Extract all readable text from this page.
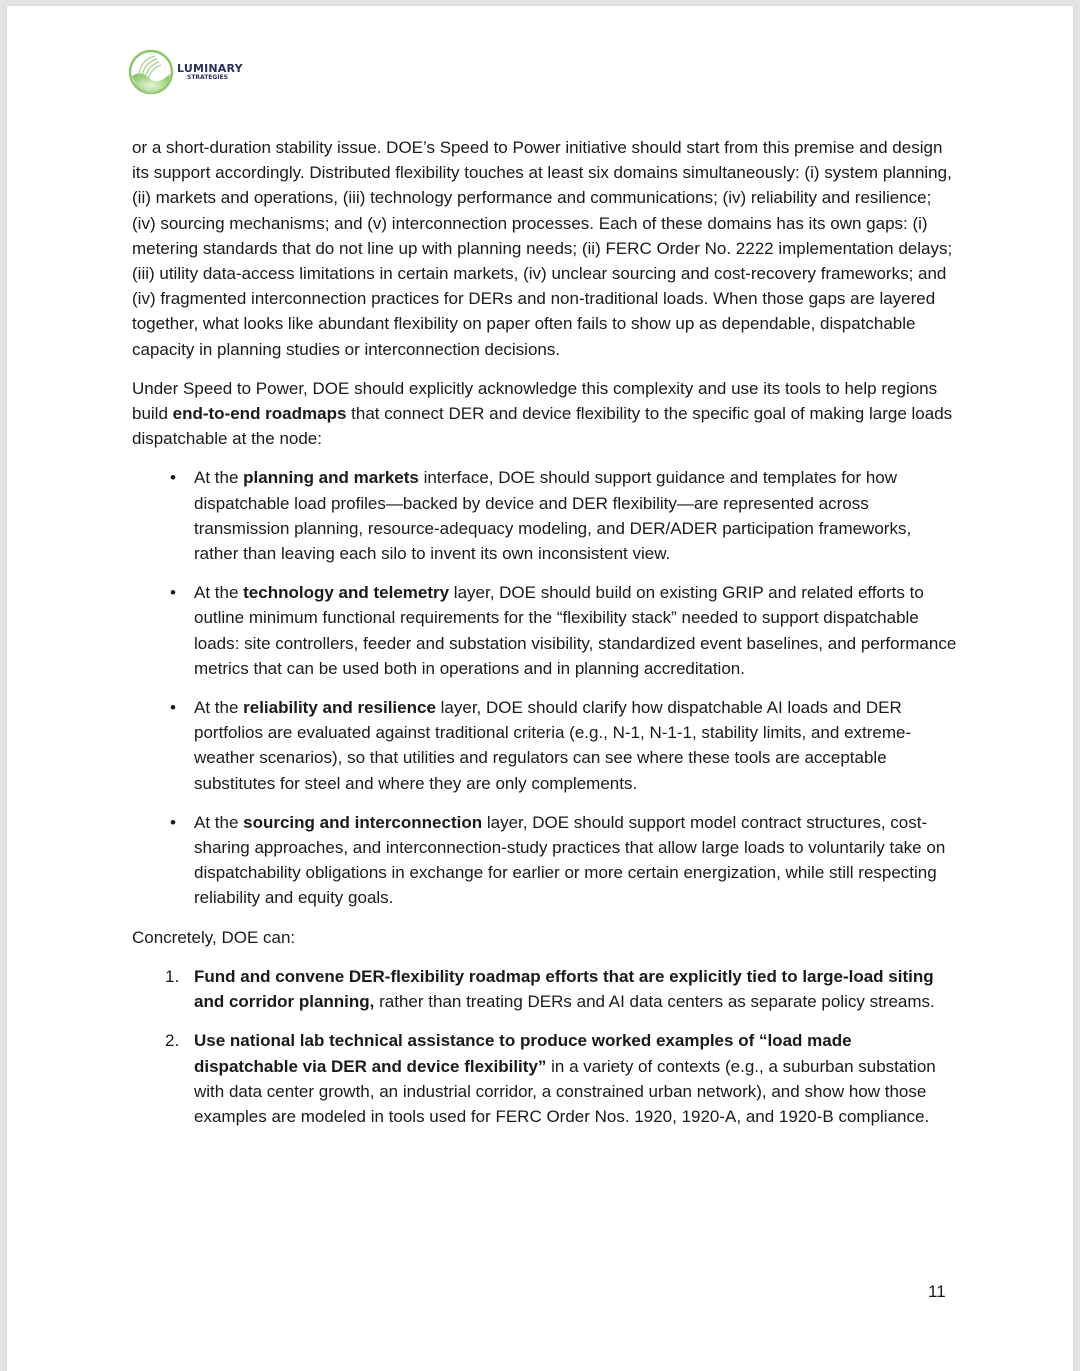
LUMINARY
STRATEGIES

or a short-duration stability issue. DOE’s Speed to Power initiative should start from this premise and design its support accordingly. Distributed flexibility touches at least six domains simultaneously: (i) system planning, (ii) markets and operations, (iii) technology performance and communications; (iv) reliability and resilience; (iv) sourcing mechanisms; and (v) interconnection processes. Each of these domains has its own gaps: (i) metering standards that do not line up with planning needs; (ii) FERC Order No. 2222 implementation delays; (iii) utility data-access limitations in certain markets, (iv) unclear sourcing and cost-recovery frameworks; and (iv) fragmented interconnection practices for DERs and non-traditional loads. When those gaps are layered together, what looks like abundant flexibility on paper often fails to show up as dependable, dispatchable capacity in planning studies or interconnection decisions.

Under Speed to Power, DOE should explicitly acknowledge this complexity and use its tools to help regions build end-to-end roadmaps that connect DER and device flexibility to the specific goal of making large loads dispatchable at the node:

• At the planning and markets interface, DOE should support guidance and templates for how dispatchable load profiles—backed by device and DER flexibility—are represented across transmission planning, resource-adequacy modeling, and DER/ADER participation frameworks, rather than leaving each silo to invent its own inconsistent view.
• At the technology and telemetry layer, DOE should build on existing GRIP and related efforts to outline minimum functional requirements for the “flexibility stack” needed to support dispatchable loads: site controllers, feeder and substation visibility, standardized event baselines, and performance metrics that can be used both in operations and in planning accreditation.
• At the reliability and resilience layer, DOE should clarify how dispatchable AI loads and DER portfolios are evaluated against traditional criteria (e.g., N-1, N-1-1, stability limits, and extreme-weather scenarios), so that utilities and regulators can see where these tools are acceptable substitutes for steel and where they are only complements.
• At the sourcing and interconnection layer, DOE should support model contract structures, cost-sharing approaches, and interconnection-study practices that allow large loads to voluntarily take on dispatchability obligations in exchange for earlier or more certain energization, while still respecting reliability and equity goals.

Concretely, DOE can:

1. Fund and convene DER-flexibility roadmap efforts that are explicitly tied to large-load siting and corridor planning, rather than treating DERs and AI data centers as separate policy streams.
2. Use national lab technical assistance to produce worked examples of “load made dispatchable via DER and device flexibility” in a variety of contexts (e.g., a suburban substation with data center growth, an industrial corridor, a constrained urban network), and show how those examples are modeled in tools used for FERC Order Nos. 1920, 1920-A, and 1920-B compliance.
11
